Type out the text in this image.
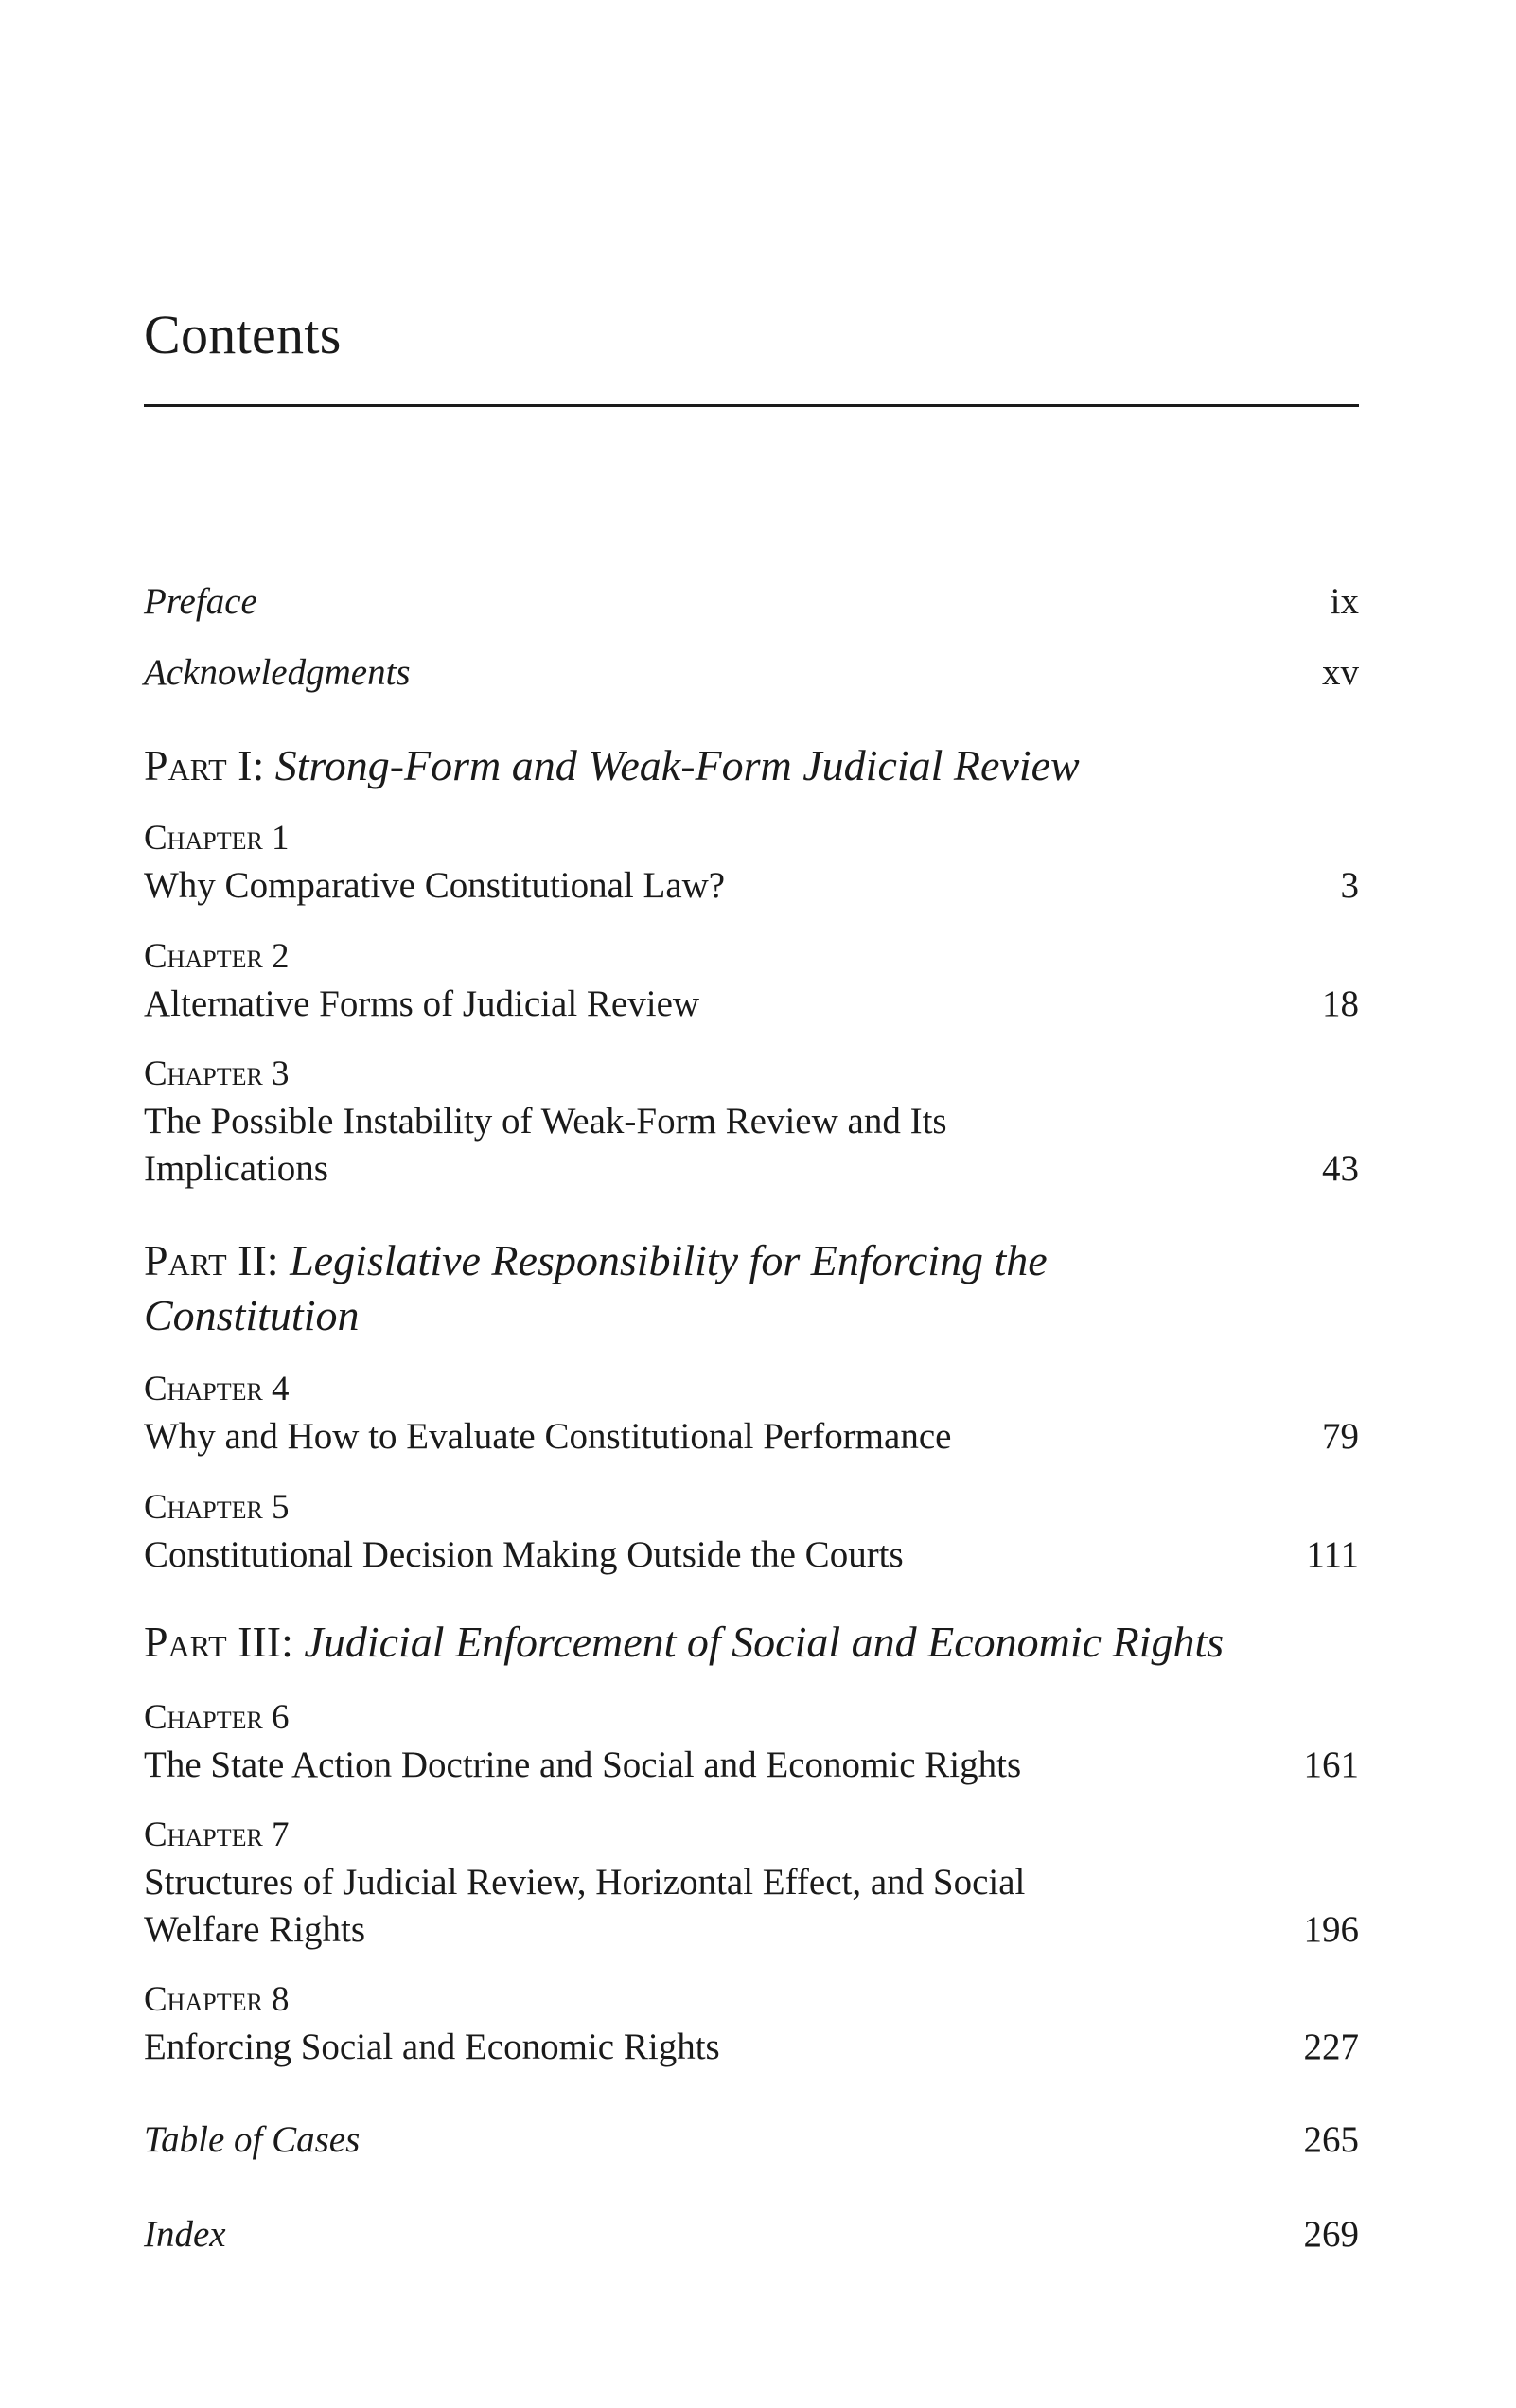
Contents
Preface	ix
Acknowledgments	xv
Part I: Strong-Form and Weak-Form Judicial Review
Chapter 1
Why Comparative Constitutional Law?	3
Chapter 2
Alternative Forms of Judicial Review	18
Chapter 3
The Possible Instability of Weak-Form Review and Its
Implications	43
Part II: Legislative Responsibility for Enforcing the
Constitution
Chapter 4
Why and How to Evaluate Constitutional Performance	79
Chapter 5
Constitutional Decision Making Outside the Courts	111
Part III: Judicial Enforcement of Social and Economic Rights
Chapter 6
The State Action Doctrine and Social and Economic Rights	161
Chapter 7
Structures of Judicial Review, Horizontal Effect, and Social
Welfare Rights	196
Chapter 8
Enforcing Social and Economic Rights	227
Table of Cases	265
Index	269
